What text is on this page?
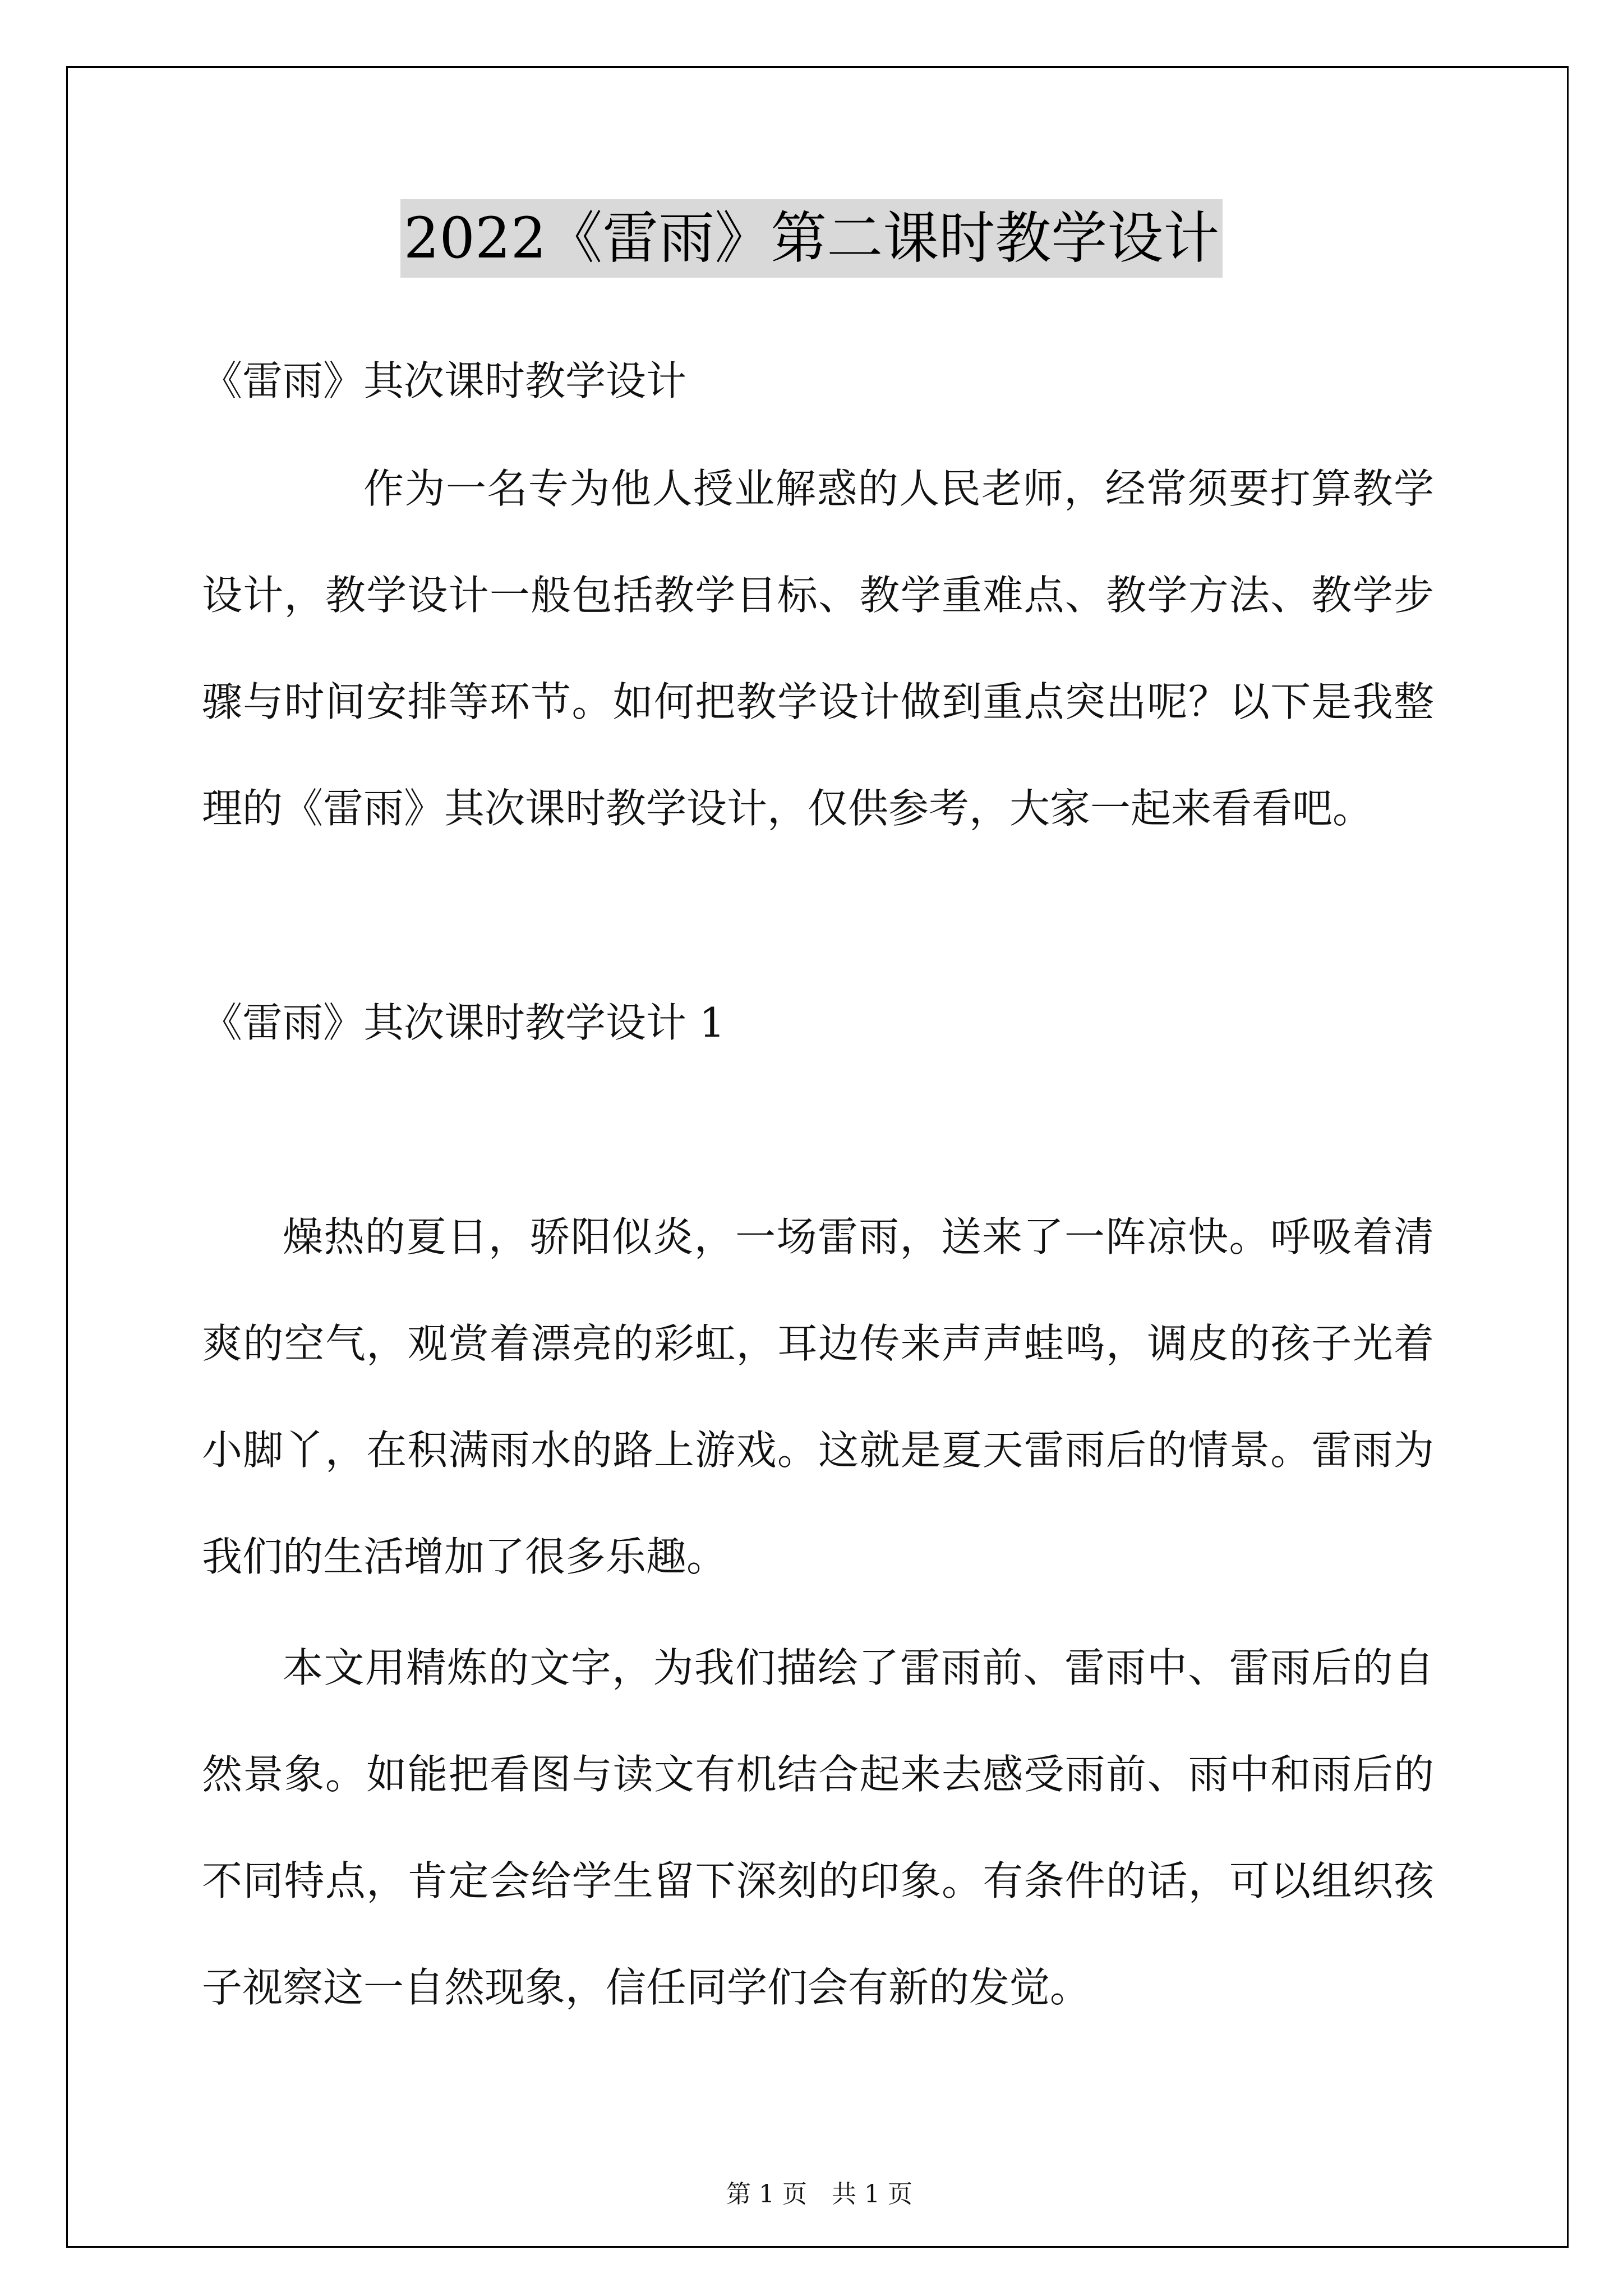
2022《雷雨》第二课时教学设计
《雷雨》其次课时教学设计
作为一名专为他人授业解惑的人民老师，经常须要打算教学
设计，教学设计一般包括教学目标、教学重难点、教学方法、教学步
骤与时间安排等环节。如何把教学设计做到重点突出呢？以下是我整
理的《雷雨》其次课时教学设计，仅供参考，大家一起来看看吧。
《雷雨》其次课时教学设计 1
燥热的夏日，骄阳似炎，一场雷雨，送来了一阵凉快。呼吸着清
爽的空气，观赏着漂亮的彩虹，耳边传来声声蛙鸣，调皮的孩子光着
小脚丫，在积满雨水的路上游戏。这就是夏天雷雨后的情景。雷雨为
我们的生活增加了很多乐趣。
本文用精炼的文字，为我们描绘了雷雨前、雷雨中、雷雨后的自
然景象。如能把看图与读文有机结合起来去感受雨前、雨中和雨后的
不同特点，肯定会给学生留下深刻的印象。有条件的话，可以组织孩
子视察这一自然现象，信任同学们会有新的发觉。

第 1 页　共 1 页
